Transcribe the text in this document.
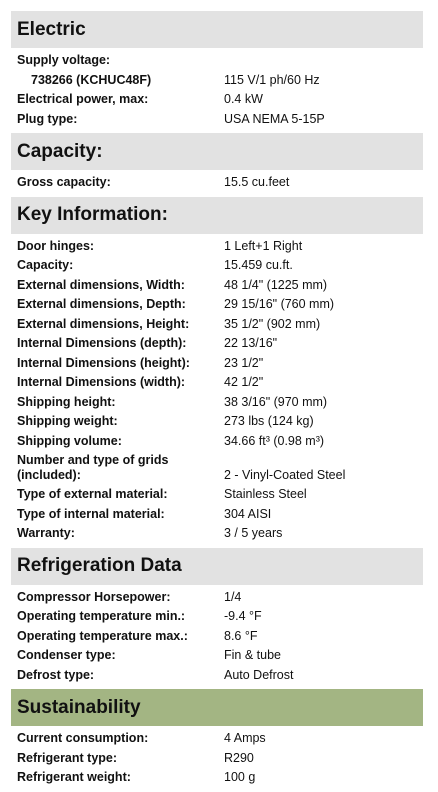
Electric
Supply voltage:
738266 (KCHUC48F)	115 V/1 ph/60 Hz
Electrical power, max:	0.4 kW
Plug type:	USA NEMA 5-15P
Capacity:
Gross capacity:	15.5 cu.feet
Key Information:
Door hinges:	1 Left+1 Right
Capacity:	15.459 cu.ft.
External dimensions, Width:	48 1/4" (1225 mm)
External dimensions, Depth:	29 15/16" (760 mm)
External dimensions, Height:	35 1/2" (902 mm)
Internal Dimensions (depth):	22 13/16"
Internal Dimensions (height):	23 1/2"
Internal Dimensions (width):	42 1/2"
Shipping height:	38 3/16" (970 mm)
Shipping weight:	273 lbs (124 kg)
Shipping volume:	34.66 ft³ (0.98 m³)
Number and type of grids (included):	2 - Vinyl-Coated Steel
Type of external material:	Stainless Steel
Type of internal material:	304 AISI
Warranty:	3 / 5 years
Refrigeration Data
Compressor Horsepower:	1/4
Operating temperature min.:	-9.4 °F
Operating temperature max.:	8.6 °F
Condenser type:	Fin & tube
Defrost type:	Auto Defrost
Sustainability
Current consumption:	4 Amps
Refrigerant type:	R290
Refrigerant weight:	100 g
